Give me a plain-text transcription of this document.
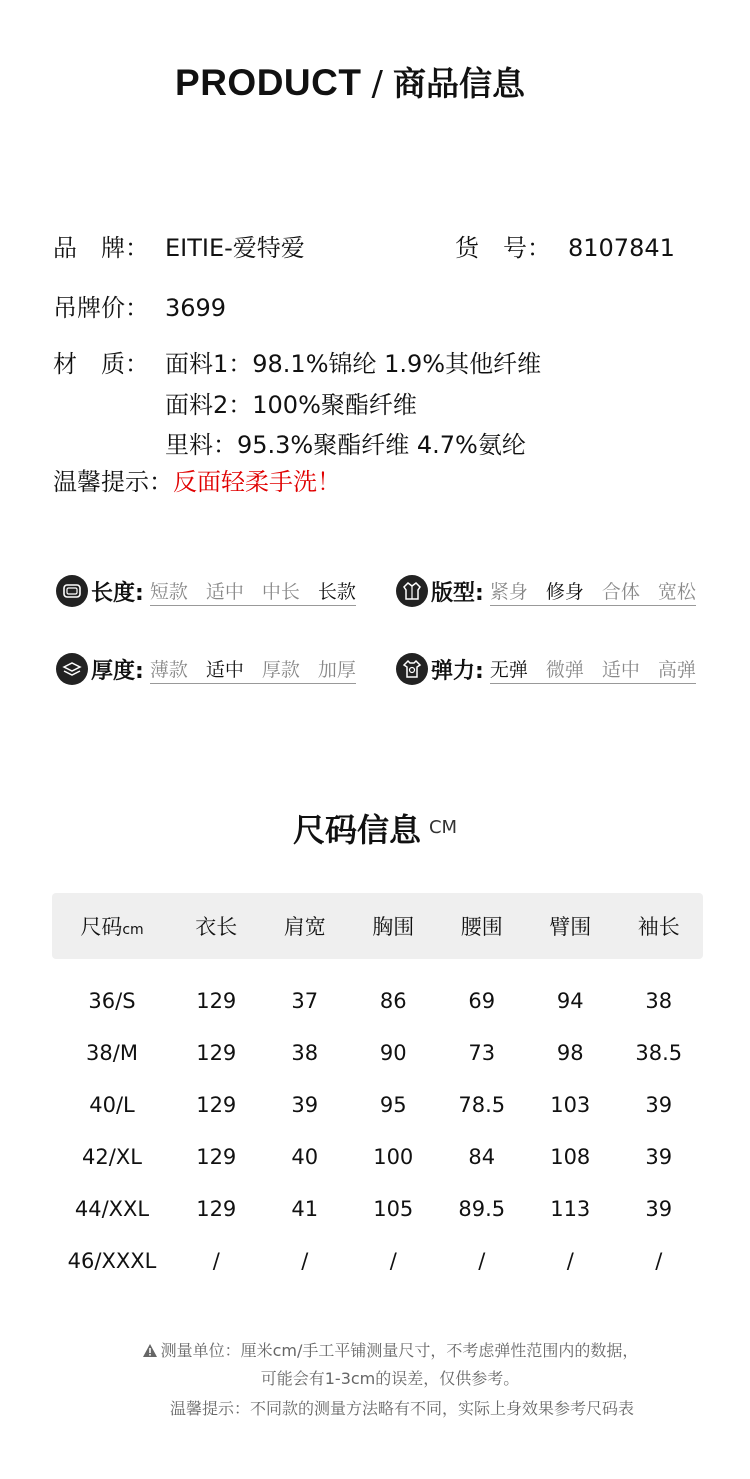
PRODUCT / 商品信息
品　牌： EITIE-爱特爱	货　号： 8107841
吊牌价： 3699
材　质： 面料1：98.1%锦纶 1.9%其他纤维
面料2：100%聚酯纤维
里料：95.3%聚酯纤维 4.7%氨纶
温馨提示：反面轻柔手洗！
长度: 短款 适中 中长 长款	版型: 紧身 修身 合体 宽松
厚度: 薄款 适中 厚款 加厚	弹力: 无弹 微弹 适中 高弹
尺码信息 CM
尺码cm	衣长	肩宽	胸围	腰围	臂围	袖长
36/S	129	37	86	69	94	38
38/M	129	38	90	73	98	38.5
40/L	129	39	95	78.5	103	39
42/XL	129	40	100	84	108	39
44/XXL	129	41	105	89.5	113	39
46/XXXL	/	/	/	/	/	/
测量单位：厘米cm/手工平铺测量尺寸，不考虑弹性范围内的数据，
可能会有1-3cm的误差，仅供参考。
温馨提示：不同款的测量方法略有不同，实际上身效果参考尺码表
